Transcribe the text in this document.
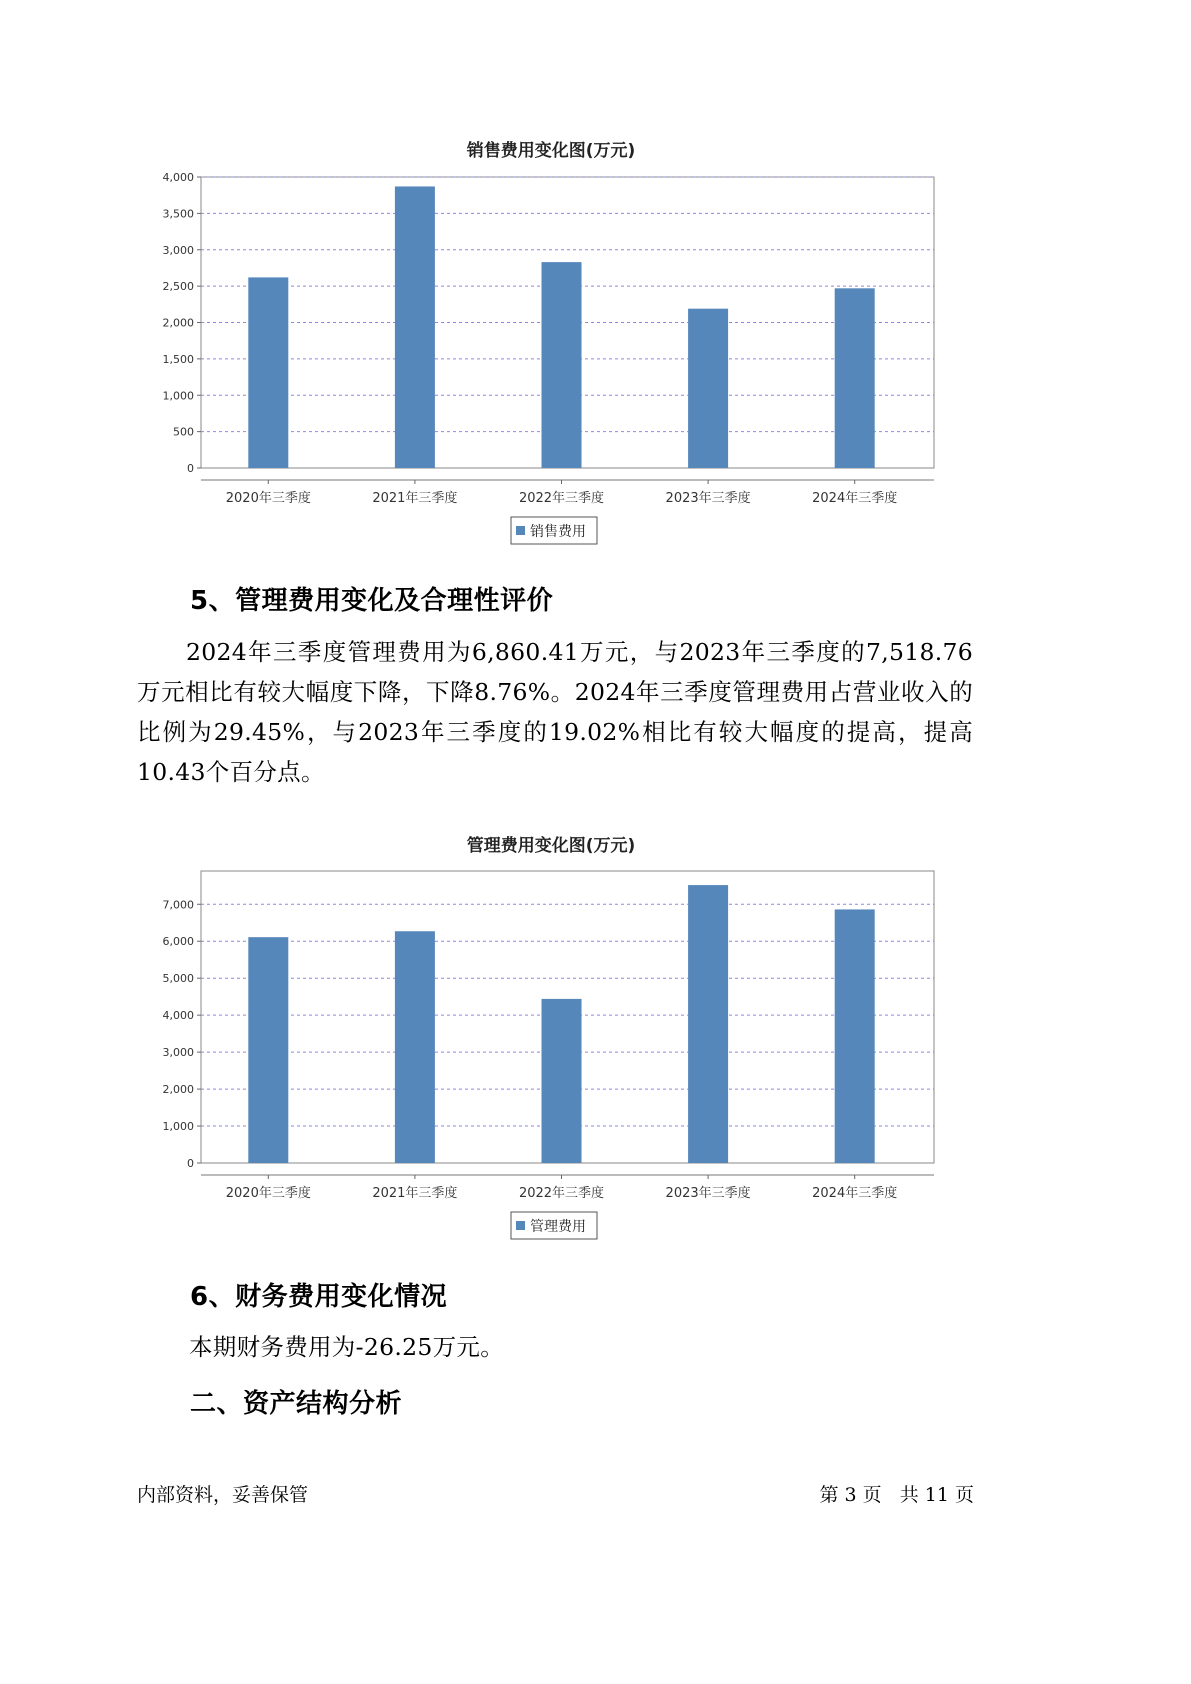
销售费用变化图(万元)
0
500
1,000
1,500
2,000
2,500
3,000
3,500
4,000
2020年三季度	2021年三季度	2022年三季度	2023年三季度	2024年三季度
销售费用
5、管理费用变化及合理性评价

2024年三季度管理费用为6,860.41万元，与2023年三季度的7,518.76万元相比有较大幅度下降，下降8.76%。2024年三季度管理费用占营业收入的比例为29.45%，与2023年三季度的19.02%相比有较大幅度的提高，提高10.43个百分点。

管理费用变化图(万元)
0
1,000
2,000
3,000
4,000
5,000
6,000
7,000
2020年三季度	2021年三季度	2022年三季度	2023年三季度	2024年三季度
管理费用
6、财务费用变化情况

本期财务费用为-26.25万元。

二、资产结构分析
内部资料，妥善保管	第 3 页   共 11 页
